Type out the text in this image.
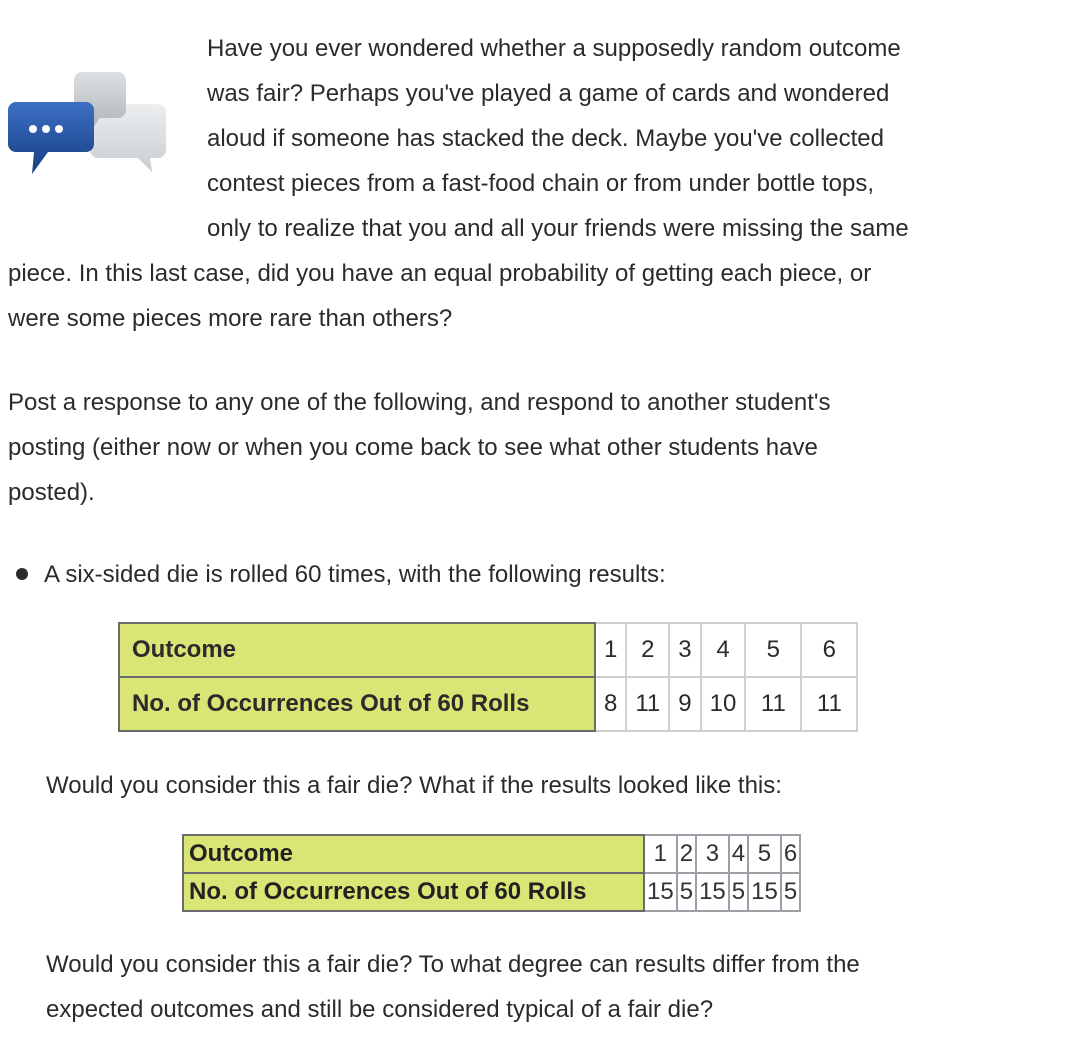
Have you ever wondered whether a supposedly random outcome
was fair? Perhaps you've played a game of cards and wondered
aloud if someone has stacked the deck. Maybe you've collected
contest pieces from a fast-food chain or from under bottle tops,
only to realize that you and all your friends were missing the same
piece. In this last case, did you have an equal probability of getting each piece, or
were some pieces more rare than others?
Post a response to any one of the following, and respond to another student's
posting (either now or when you come back to see what other students have
posted).
A six-sided die is rolled 60 times, with the following results:
Outcome	1	2	3	4	5	6
No. of Occurrences Out of 60 Rolls	8	11	9	10	11	11
Would you consider this a fair die? What if the results looked like this:
Outcome	1	2	3	4	5	6
No. of Occurrences Out of 60 Rolls	15	5	15	5	15	5
Would you consider this a fair die? To what degree can results differ from the
expected outcomes and still be considered typical of a fair die?
